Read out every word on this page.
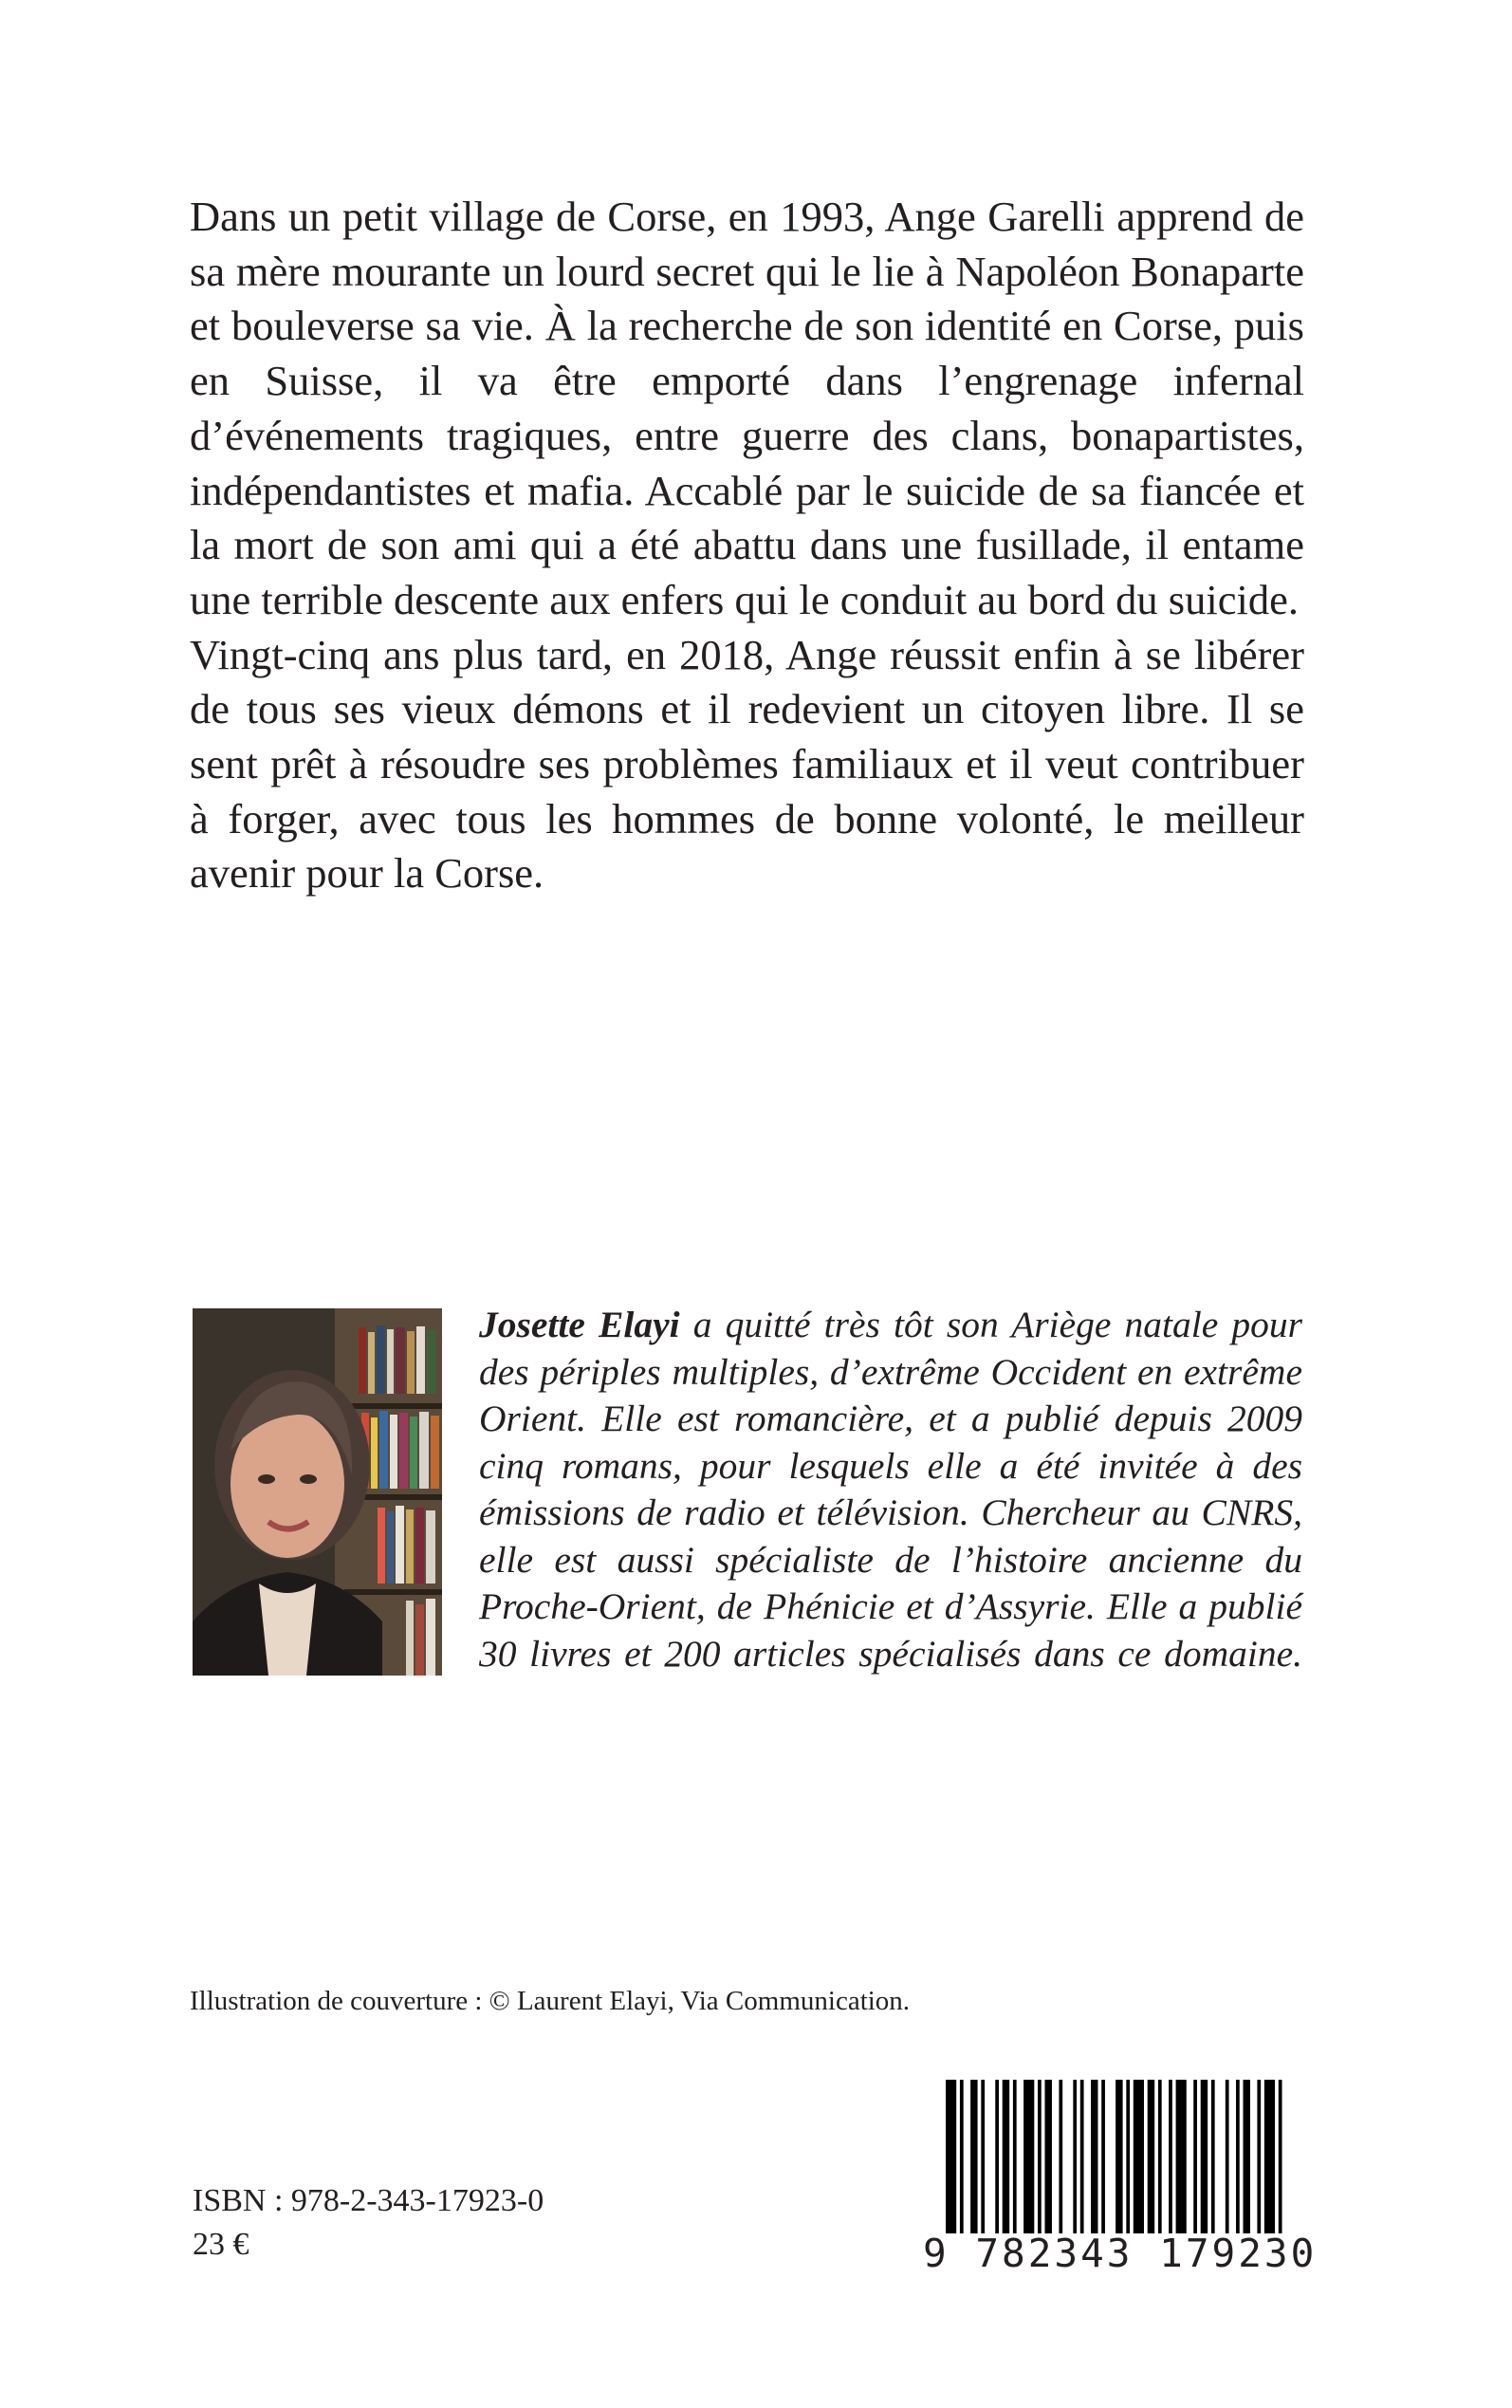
Dans un petit village de Corse, en 1993, Ange Garelli apprend de sa mère mourante un lourd secret qui le lie à Napoléon Bonaparte et bouleverse sa vie. À la recherche de son identité en Corse, puis en Suisse, il va être emporté dans l’engrenage infernal d’événements tragiques, entre guerre des clans, bonapartistes, indépendantistes et mafia. Accablé par le suicide de sa fiancée et la mort de son ami qui a été abattu dans une fusillade, il entame une terrible descente aux enfers qui le conduit au bord du suicide.

Vingt-cinq ans plus tard, en 2018, Ange réussit enfin à se libérer de tous ses vieux démons et il redevient un citoyen libre. Il se sent prêt à résoudre ses problèmes familiaux et il veut contribuer à forger, avec tous les hommes de bonne volonté, le meilleur avenir pour la Corse.

Josette Elayi a quitté très tôt son Ariège natale pour des périples multiples, d’extrême Occident en extrême Orient. Elle est romancière, et a publié depuis 2009 cinq romans, pour lesquels elle a été invitée à des émissions de radio et télévision. Chercheur au CNRS, elle est aussi spécialiste de l’histoire ancienne du Proche-Orient, de Phénicie et d’Assyrie. Elle a publié 30 livres et 200 articles spécialisés dans ce domaine.
Illustration de couverture : © Laurent Elayi, Via Communication.
ISBN : 978-2-343-17923-0
23 €	9 782343 179230
